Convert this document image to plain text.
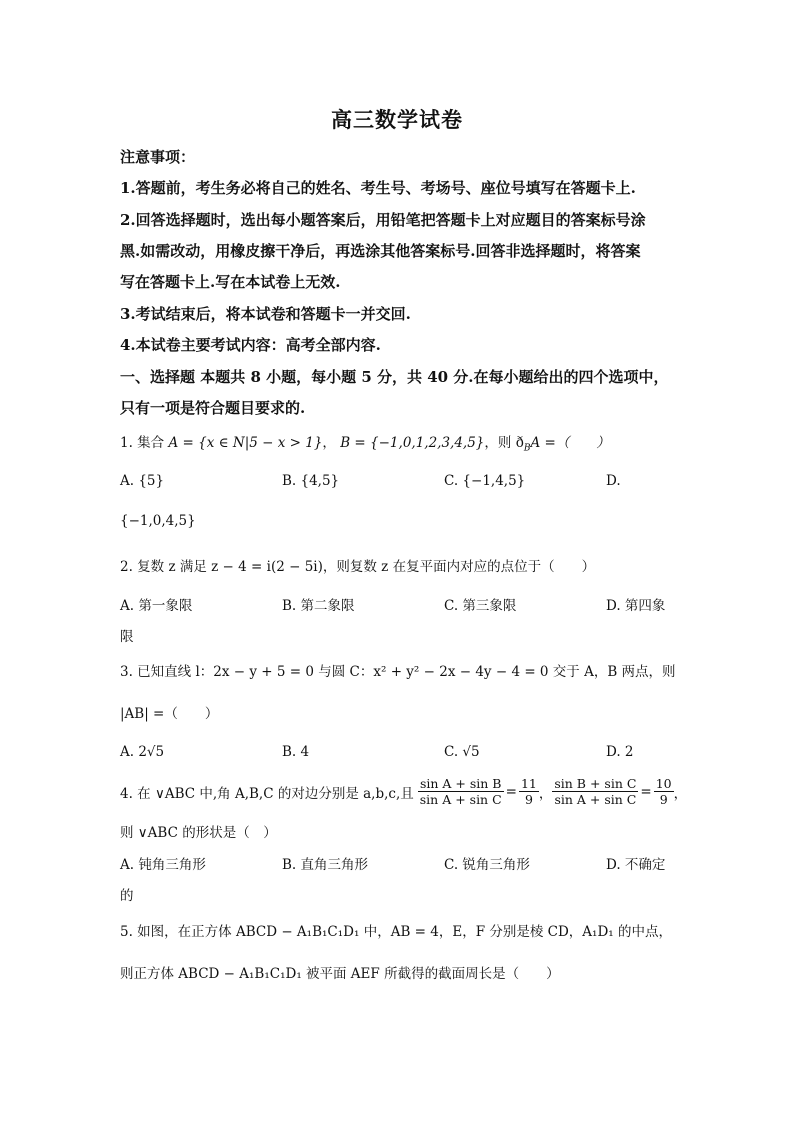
高三数学试卷
注意事项：
1.答题前，考生务必将自己的姓名、考生号、考场号、座位号填写在答题卡上.
2.回答选择题时，选出每小题答案后，用铅笔把答题卡上对应题目的答案标号涂
黑.如需改动，用橡皮擦干净后，再选涂其他答案标号.回答非选择题时，将答案
写在答题卡上.写在本试卷上无效.
3.考试结束后，将本试卷和答题卡一并交回.
4.本试卷主要考试内容：高考全部内容.
一、选择题 本题共 8 小题，每小题 5 分，共 40 分.在每小题给出的四个选项中，
只有一项是符合题目要求的.
1. 集合 A = {x ∈ N|5 − x > 1}， B = {−1,0,1,2,3,4,5}，则 $ð_BA$ =（　　）
A. {5}	B. {4,5}	C. {−1,4,5}	D.
{−1,0,4,5}
2. 复数 z 满足 z − 4 = i(2 − 5i)，则复数 z 在复平面内对应的点位于（　　）
A. 第一象限	B. 第二象限	C. 第三象限	D. 第四象
限
3. 已知直线 l：2x − y + 5 = 0 与圆 C：x² + y² − 2x − 4y − 4 = 0 交于 A，B 两点，则
|AB| =（　　）
A. 2√5	B. 4	C. √5	D. 2
4. 在 ∨ABC 中,角 A,B,C 的对边分别是 a,b,c,且 $\frac{\text{sin A + sin B}}{\text{sin A + sin C}} = \frac{11}{9}$ ， $\frac{\text{sin B + sin C}}{\text{sin A + sin C}} = \frac{10}{9}$ ，
则 ∨ABC 的形状是（　）
A. 钝角三角形	B. 直角三角形	C. 锐角三角形	D. 不确定
的
5. 如图，在正方体 ABCD − A₁B₁C₁D₁ 中，AB = 4，E，F 分别是棱 CD，A₁D₁ 的中点，
则正方体 ABCD − A₁B₁C₁D₁ 被平面 AEF 所截得的截面周长是（　　）
